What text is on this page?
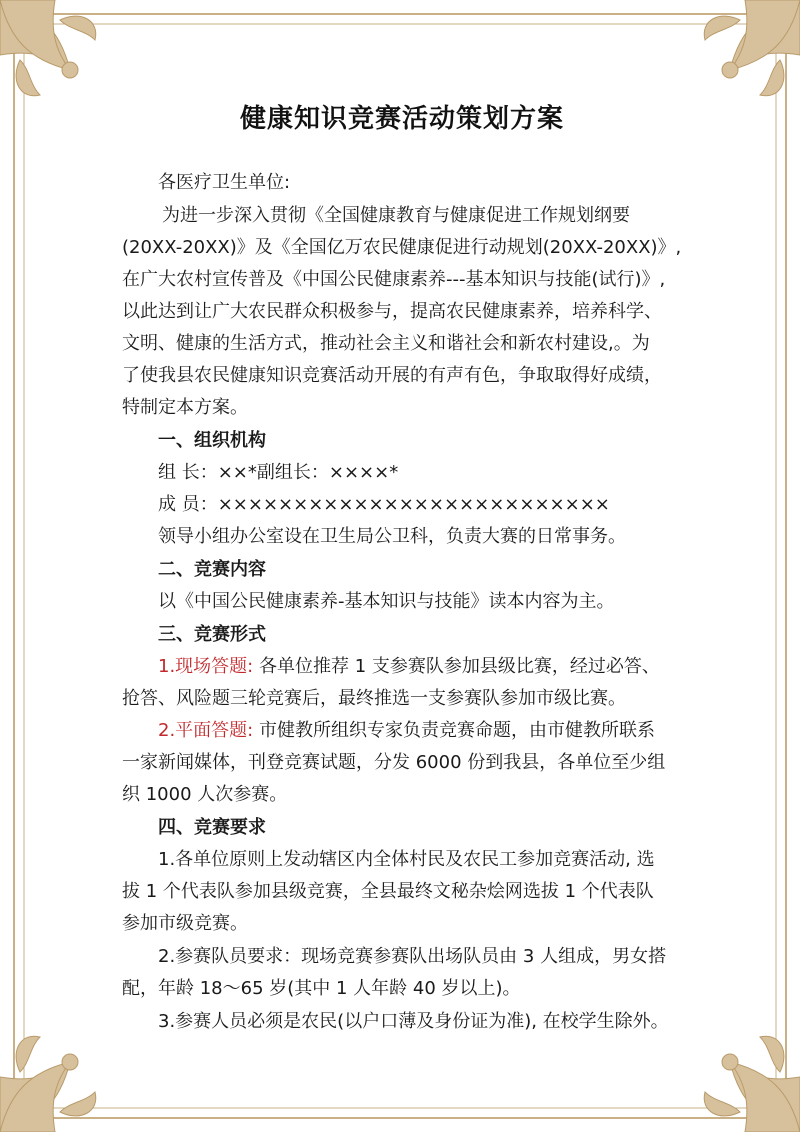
健康知识竞赛活动策划方案
各医疗卫生单位:
为进一步深入贯彻《全国健康教育与健康促进工作规划纲要
(20XX-20XX)》及《全国亿万农民健康促进行动规划(20XX-20XX)》,
在广大农村宣传普及《中国公民健康素养---基本知识与技能(试行)》,
以此达到让广大农民群众积极参与，提高农民健康素养，培养科学、
文明、健康的生活方式，推动社会主义和谐社会和新农村建设,。为
了使我县农民健康知识竞赛活动开展的有声有色，争取取得好成绩，
特制定本方案。
一、组织机构
组 长：××*副组长：××××*
成 员：××××××××××××××××××××××××××
领导小组办公室设在卫生局公卫科，负责大赛的日常事务。
二、竞赛内容
以《中国公民健康素养-基本知识与技能》读本内容为主。
三、竞赛形式
1.现场答题: 各单位推荐 1 支参赛队参加县级比赛，经过必答、
抢答、风险题三轮竞赛后，最终推选一支参赛队参加市级比赛。
2.平面答题: 市健教所组织专家负责竞赛命题，由市健教所联系
一家新闻媒体，刊登竞赛试题，分发 6000 份到我县，各单位至少组
织 1000 人次参赛。
四、竞赛要求
1.各单位原则上发动辖区内全体村民及农民工参加竞赛活动, 选
拔 1 个代表队参加县级竞赛，全县最终文秘杂烩网选拔 1 个代表队
参加市级竞赛。
2.参赛队员要求：现场竞赛参赛队出场队员由 3 人组成，男女搭
配，年龄 18～65 岁(其中 1 人年龄 40 岁以上)。
3.参赛人员必须是农民(以户口薄及身份证为准), 在校学生除外。
